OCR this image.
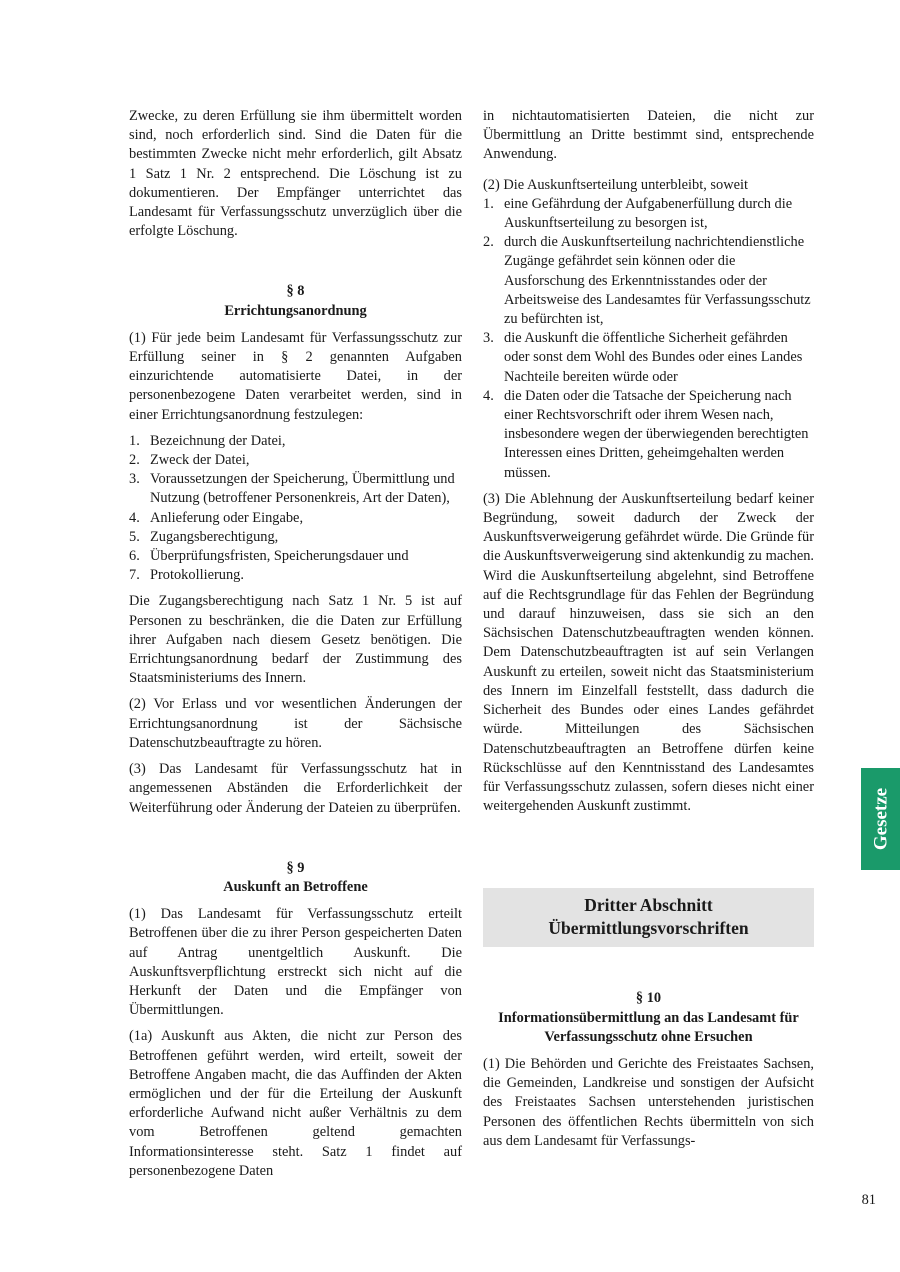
Zwecke, zu deren Erfüllung sie ihm übermittelt worden sind, noch erforderlich sind. Sind die Daten für die bestimmten Zwecke nicht mehr erforderlich, gilt Absatz 1 Satz 1 Nr. 2 entsprechend. Die Löschung ist zu dokumentieren. Der Empfänger unterrichtet das Landesamt für Verfassungsschutz unverzüglich über die erfolgte Löschung.

§ 8
Errichtungsanordnung

(1) Für jede beim Landesamt für Verfassungsschutz zur Erfüllung seiner in § 2 genannten Aufgaben einzurichtende automatisierte Datei, in der personenbezogene Daten verarbeitet werden, sind in einer Errichtungsanordnung festzulegen:

1. Bezeichnung der Datei,
2. Zweck der Datei,
3. Voraussetzungen der Speicherung, Übermittlung und Nutzung (betroffener Personenkreis, Art der Daten),
4. Anlieferung oder Eingabe,
5. Zugangsberechtigung,
6. Überprüfungsfristen, Speicherungsdauer und
7. Protokollierung.

Die Zugangsberechtigung nach Satz 1 Nr. 5 ist auf Personen zu beschränken, die die Daten zur Erfüllung ihrer Aufgaben nach diesem Gesetz benötigen. Die Errichtungsanordnung bedarf der Zustimmung des Staatsministeriums des Innern.

(2) Vor Erlass und vor wesentlichen Änderungen der Errichtungsanordnung ist der Sächsische Datenschutzbeauftragte zu hören.

(3) Das Landesamt für Verfassungsschutz hat in angemessenen Abständen die Erforderlichkeit der Weiterführung oder Änderung der Dateien zu überprüfen.

§ 9
Auskunft an Betroffene

(1) Das Landesamt für Verfassungsschutz erteilt Betroffenen über die zu ihrer Person gespeicherten Daten auf Antrag unentgeltlich Auskunft. Die Auskunftsverpflichtung erstreckt sich nicht auf die Herkunft der Daten und die Empfänger von Übermittlungen.

(1a) Auskunft aus Akten, die nicht zur Person des Betroffenen geführt werden, wird erteilt, soweit der Betroffene Angaben macht, die das Auffinden der Akten ermöglichen und der für die Erteilung der Auskunft erforderliche Aufwand nicht außer Verhältnis zu dem vom Betroffenen geltend gemachten Informationsinteresse steht. Satz 1 findet auf personenbezogene Daten

in nichtautomatisierten Dateien, die nicht zur Übermittlung an Dritte bestimmt sind, entsprechende Anwendung.

(2) Die Auskunftserteilung unterbleibt, soweit
1. eine Gefährdung der Aufgabenerfüllung durch die Auskunftserteilung zu besorgen ist,
2. durch die Auskunftserteilung nachrichtendienstliche Zugänge gefährdet sein können oder die Ausforschung des Erkenntnisstandes oder der Arbeitsweise des Landesamtes für Verfassungsschutz zu befürchten ist,
3. die Auskunft die öffentliche Sicherheit gefährden oder sonst dem Wohl des Bundes oder eines Landes Nachteile bereiten würde oder
4. die Daten oder die Tatsache der Speicherung nach einer Rechtsvorschrift oder ihrem Wesen nach, insbesondere wegen der überwiegenden berechtigten Interessen eines Dritten, geheimgehalten werden müssen.

(3) Die Ablehnung der Auskunftserteilung bedarf keiner Begründung, soweit dadurch der Zweck der Auskunftsverweigerung gefährdet würde. Die Gründe für die Auskunftsverweigerung sind aktenkundig zu machen. Wird die Auskunftserteilung abgelehnt, sind Betroffene auf die Rechtsgrundlage für das Fehlen der Begründung und darauf hinzuweisen, dass sie sich an den Sächsischen Datenschutzbeauftragten wenden können. Dem Datenschutzbeauftragten ist auf sein Verlangen Auskunft zu erteilen, soweit nicht das Staatsministerium des Innern im Einzelfall feststellt, dass dadurch die Sicherheit des Bundes oder eines Landes gefährdet würde. Mitteilungen des Sächsischen Datenschutzbeauftragten an Betroffene dürfen keine Rückschlüsse auf den Kenntnisstand des Landesamtes für Verfassungsschutz zulassen, sofern dieses nicht einer weitergehenden Auskunft zustimmt.

Dritter Abschnitt
Übermittlungsvorschriften
§ 10
Informationsübermittlung an das Landesamt für
Verfassungsschutz ohne Ersuchen

(1) Die Behörden und Gerichte des Freistaates Sachsen, die Gemeinden, Landkreise und sonstigen der Aufsicht des Freistaates Sachsen unterstehenden juristischen Personen des öffentlichen Rechts übermitteln von sich aus dem Landesamt für Verfassungs-

Gesetze
81
